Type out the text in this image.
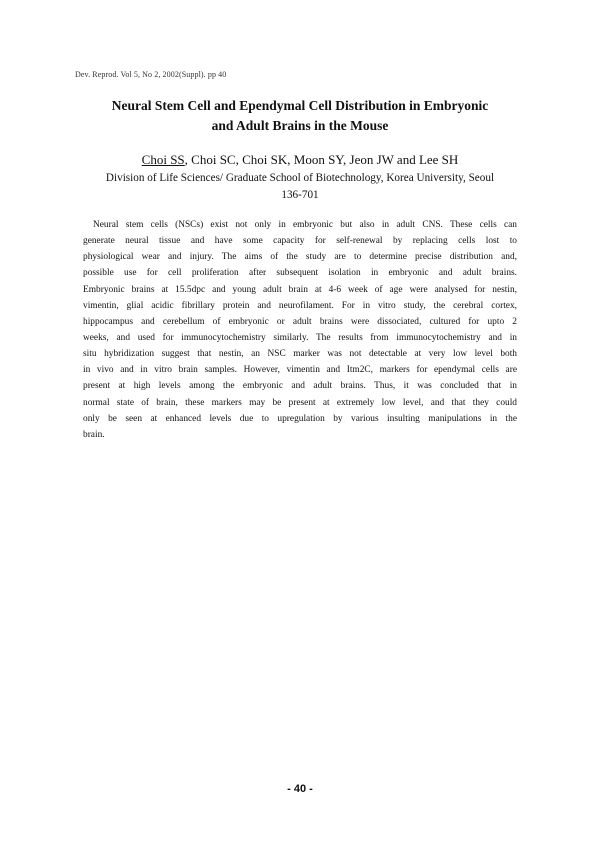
Dev. Reprod. Vol 5, No 2, 2002(Suppl). pp 40
Neural Stem Cell and Ependymal Cell Distribution in Embryonic
and Adult Brains in the Mouse
Choi SS, Choi SC, Choi SK, Moon SY, Jeon JW and Lee SH
Division of Life Sciences/ Graduate School of Biotechnology, Korea University, Seoul
136-701
Neural stem cells (NSCs) exist not only in embryonic but also in adult CNS. These cells can
generate neural tissue and have some capacity for self-renewal by replacing cells lost to
physiological wear and injury. The aims of the study are to determine precise distribution and,
possible use for cell proliferation after subsequent isolation in embryonic and adult brains.
Embryonic brains at 15.5dpc and young adult brain at 4-6 week of age were analysed for nestin,
vimentin, glial acidic fibrillary protein and neurofilament. For in vitro study, the cerebral cortex,
hippocampus and cerebellum of embryonic or adult brains were dissociated, cultured for upto 2
weeks, and used for immunocytochemistry similarly. The results from immunocytochemistry and in
situ hybridization suggest that nestin, an NSC marker was not detectable at very low level both
in vivo and in vitro brain samples. However, vimentin and Itm2C, markers for ependymal cells are
present at high levels among the embryonic and adult brains. Thus, it was concluded that in
normal state of brain, these markers may be present at extremely low level, and that they could
only be seen at enhanced levels due to upregulation by various insulting manipulations in the
brain.
- 40 -
